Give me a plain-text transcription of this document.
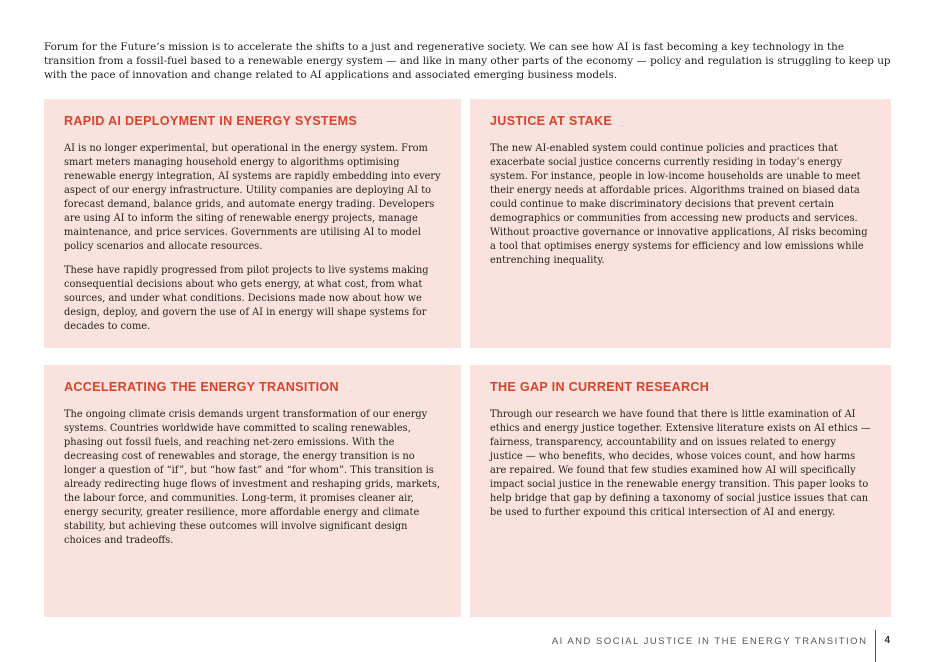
Forum for the Future’s mission is to accelerate the shifts to a just and regenerative society. We can see how AI is fast becoming a key technology in the transition from a fossil-fuel based to a renewable energy system — and like in many other parts of the economy — policy and regulation is struggling to keep up with the pace of innovation and change related to AI applications and associated emerging business models.

RAPID AI DEPLOYMENT IN ENERGY SYSTEMS

AI is no longer experimental, but operational in the energy system. From smart meters managing household energy to algorithms optimising renewable energy integration, AI systems are rapidly embedding into every aspect of our energy infrastructure. Utility companies are deploying AI to forecast demand, balance grids, and automate energy trading. Developers are using AI to inform the siting of renewable energy projects, manage maintenance, and price services. Governments are utilising AI to model policy scenarios and allocate resources.

These have rapidly progressed from pilot projects to live systems making consequential decisions about who gets energy, at what cost, from what sources, and under what conditions. Decisions made now about how we design, deploy, and govern the use of AI in energy will shape systems for decades to come.

JUSTICE AT STAKE

The new AI-enabled system could continue policies and practices that exacerbate social justice concerns currently residing in today’s energy system. For instance, people in low-income households are unable to meet their energy needs at affordable prices. Algorithms trained on biased data could continue to make discriminatory decisions that prevent certain demographics or communities from accessing new products and services. Without proactive governance or innovative applications, AI risks becoming a tool that optimises energy systems for efficiency and low emissions while entrenching inequality.

ACCELERATING THE ENERGY TRANSITION

The ongoing climate crisis demands urgent transformation of our energy systems. Countries worldwide have committed to scaling renewables, phasing out fossil fuels, and reaching net-zero emissions. With the decreasing cost of renewables and storage, the energy transition is no longer a question of “if”, but “how fast” and “for whom”. This transition is already redirecting huge flows of investment and reshaping grids, markets, the labour force, and communities. Long-term, it promises cleaner air, energy security, greater resilience, more affordable energy and climate stability, but achieving these outcomes will involve significant design choices and tradeoffs.

THE GAP IN CURRENT RESEARCH

Through our research we have found that there is little examination of AI ethics and energy justice together. Extensive literature exists on AI ethics — fairness, transparency, accountability and on issues related to energy justice — who benefits, who decides, whose voices count, and how harms are repaired. We found that few studies examined how AI will specifically impact social justice in the renewable energy transition. This paper looks to help bridge that gap by defining a taxonomy of social justice issues that can be used to further expound this critical intersection of AI and energy.

AI AND SOCIAL JUSTICE IN THE ENERGY TRANSITION 4
